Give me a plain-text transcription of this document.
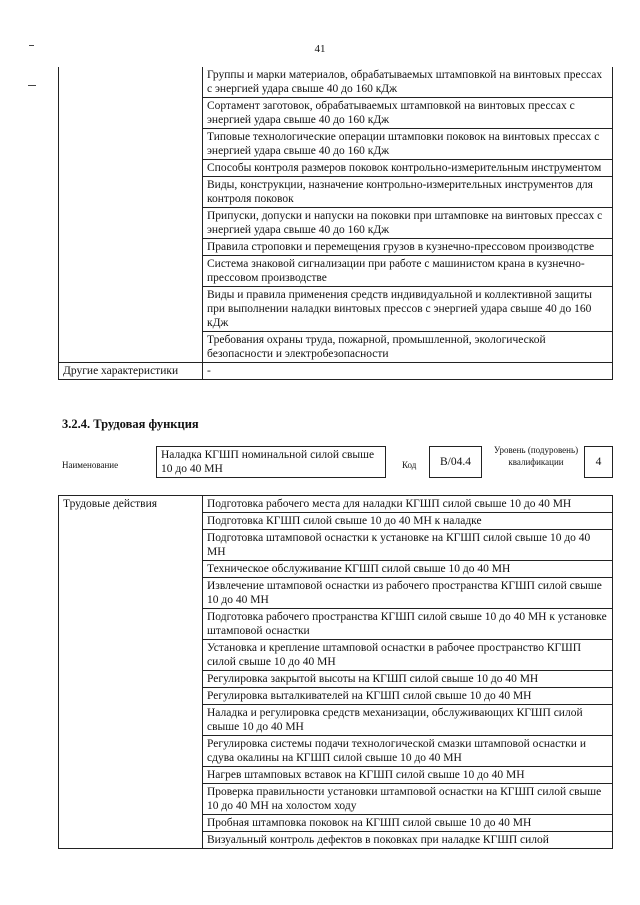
41
	Группы и марки материалов, обрабатываемых штамповкой на винтовых прессах с энергией удара свыше 40 до 160 кДж
	Сортамент заготовок, обрабатываемых штамповкой на винтовых прессах с энергией удара свыше 40 до 160 кДж
	Типовые технологические операции штамповки поковок на винтовых прессах с энергией удара свыше 40 до 160 кДж
	Способы контроля размеров поковок контрольно-измерительным инструментом
	Виды, конструкции, назначение контрольно-измерительных инструментов для контроля поковок
	Припуски, допуски и напуски на поковки при штамповке на винтовых прессах с энергией удара свыше 40 до 160 кДж
	Правила строповки и перемещения грузов в кузнечно-прессовом производстве
	Система знаковой сигнализации при работе с машинистом крана в кузнечно-прессовом производстве
	Виды и правила применения средств индивидуальной и коллективной защиты при выполнении наладки винтовых прессов с энергией удара свыше 40 до 160 кДж
	Требования охраны труда, пожарной, промышленной, экологической безопасности и электробезопасности
Другие характеристики	-
3.2.4. Трудовая функция
Наименование
Наладка КГШП номинальной силой свыше 10 до 40 МН	Код	В/04.4
Уровень (подуровень) квалификации	4
Трудовые действия	Подготовка рабочего места для наладки КГШП силой свыше 10 до 40 МН
Подготовка КГШП силой свыше 10 до 40 МН к наладке
Подготовка штамповой оснастки к установке на КГШП силой свыше 10 до 40 МН
Техническое обслуживание КГШП силой свыше 10 до 40 МН
Извлечение штамповой оснастки из рабочего пространства КГШП силой свыше 10 до 40 МН
Подготовка рабочего пространства КГШП силой свыше 10 до 40 МН к установке штамповой оснастки
Установка и крепление штамповой оснастки в рабочее пространство КГШП силой свыше 10 до 40 МН
Регулировка закрытой высоты на КГШП силой свыше 10 до 40 МН
Регулировка выталкивателей на КГШП силой свыше 10 до 40 МН
Наладка и регулировка средств механизации, обслуживающих КГШП силой свыше 10 до 40 МН
Регулировка системы подачи технологической смазки штамповой оснастки и сдува окалины на КГШП силой свыше 10 до 40 МН
Нагрев штамповых вставок на КГШП силой свыше 10 до 40 МН
Проверка правильности установки штамповой оснастки на КГШП силой свыше 10 до 40 МН на холостом ходу
Пробная штамповка поковок на КГШП силой свыше 10 до 40 МН
Визуальный контроль дефектов в поковках при наладке КГШП силой
